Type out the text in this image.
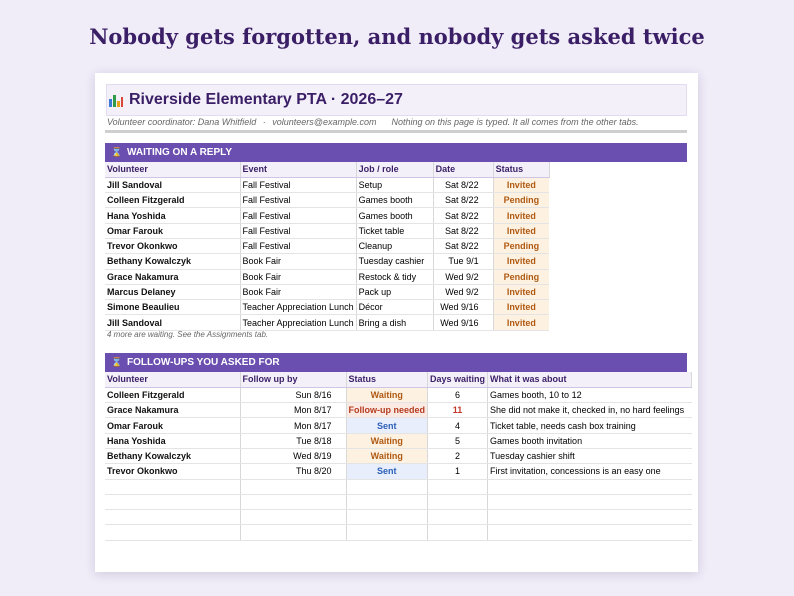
Nobody gets forgotten, and nobody gets asked twice
Riverside Elementary PTA · 2026–27
Volunteer coordinator: Dana Whitfield · volunteers@example.com Nothing on this page is typed. It all comes from the other tabs.
⌛ WAITING ON A REPLY
Volunteer	Event	Job / role	Date	Status
Jill Sandoval	Fall Festival	Setup	Sat 8/22	Invited
Colleen Fitzgerald	Fall Festival	Games booth	Sat 8/22	Pending
Hana Yoshida	Fall Festival	Games booth	Sat 8/22	Invited
Omar Farouk	Fall Festival	Ticket table	Sat 8/22	Invited
Trevor Okonkwo	Fall Festival	Cleanup	Sat 8/22	Pending
Bethany Kowalczyk	Book Fair	Tuesday cashier	Tue 9/1	Invited
Grace Nakamura	Book Fair	Restock & tidy	Wed 9/2	Pending
Marcus Delaney	Book Fair	Pack up	Wed 9/2	Invited
Simone Beaulieu	Teacher Appreciation Lunch	Décor	Wed 9/16	Invited
Jill Sandoval	Teacher Appreciation Lunch	Bring a dish	Wed 9/16	Invited
4 more are waiting. See the Assignments tab.
⌛ FOLLOW-UPS YOU ASKED FOR
Volunteer	Follow up by	Status	Days waiting	What it was about
Colleen Fitzgerald	Sun 8/16	Waiting	6	Games booth, 10 to 12
Grace Nakamura	Mon 8/17	Follow-up needed	11	She did not make it, checked in, no hard feelings
Omar Farouk	Mon 8/17	Sent	4	Ticket table, needs cash box training
Hana Yoshida	Tue 8/18	Waiting	5	Games booth invitation
Bethany Kowalczyk	Wed 8/19	Waiting	2	Tuesday cashier shift
Trevor Okonkwo	Thu 8/20	Sent	1	First invitation, concessions is an easy one
